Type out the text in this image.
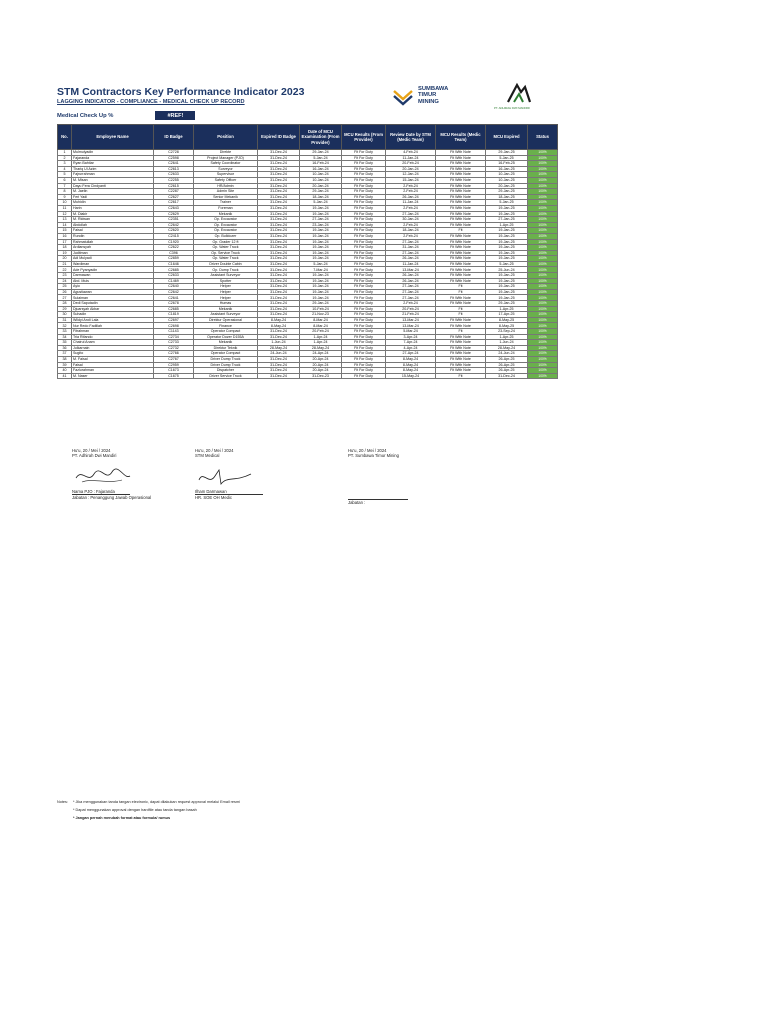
STM Contractors Key Performance Indicator 2023
LAGGING INDICATOR - COMPLIANCE - MEDICAL CHECK UP RECORD
Medical Check Up %	#REF!
SUMBAWA
TIMUR
MINING
PT. ADHIRAH DWI MANDIRI
No.	Employee Name	ID Badge	Position	Expired ID Badge	Date of MCU Examination (From Provider)	MCU Results (From Provider)	Review Date by STM (Medic Team)	MCU Results (Medic Team)	MCU Expired	Status
1	Mulmulyadin	C2728	Direkte	31-Dec-24	29-Jan-24	Fit For Duty	4-Feb-24	Fit With Note	29-Jan-25	100%
2	Fajaranda	C2598	Project Manager (PJO)	31-Dec-24	5-Jan-24	Fit For Duty	11-Jan-24	Fit With Note	5-Jan-25	100%
3	Ryan Bahtiar	C2641	Safety Coordinator	31-Dec-24	16-Feb-24	Fit For Duty	20-Feb-24	Fit With Note	16-Feb-25	100%
4	Thariq Ul Azim	C2613	Surveyor	31-Dec-24	16-Jan-24	Fit For Duty	20-Jan-24	Fit With Note	16-Jan-25	100%
5	Fajrurrahman	C2633	Supervisor	31-Dec-24	10-Jan-24	Fit For Duty	12-Jan-24	Fit With Note	10-Jan-25	100%
6	M. Misan	C2255	Safety Officer	31-Dec-24	10-Jan-24	Fit For Duty	15-Jan-24	Fit With Note	10-Jan-25	100%
7	Dayu Fera Cindyanti	C2615	HR/Admin	31-Dec-24	20-Jan-24	Fit For Duty	2-Feb-24	Fit With Note	20-Jan-25	100%
8	M. Jaelin	C2287	Admin Site	31-Dec-24	29-Jan-24	Fit For Duty	2-Feb-24	Fit With Note	29-Jan-25	100%
9	Feri Yadi	C2627	Senior Mekanik	31-Dec-24	18-Jan-24	Fit For Duty	26-Jan-24	Fit With Note	18-Jan-25	100%
10	Muhidin	C2617	Trainer	31-Dec-24	5-Jan-24	Fit For Duty	11-Jan-24	Fit With Note	5-Jan-25	100%
11	Harin	C2643	Foreman	31-Dec-24	19-Jan-24	Fit For Duty	2-Feb-24	Fit With Note	19-Jan-25	100%
12	M. Diakir	C2629	Mekanik	31-Dec-24	19-Jan-24	Fit For Duty	27-Jan-24	Fit With Note	19-Jan-25	100%
13	M. Ridwan	C2351	Op. Excavator	31-Dec-24	27-Jan-24	Fit For Duty	30-Jan-24	Fit With Note	27-Jan-25	100%
14	Abdollah	C2642	Op. Excavator	31-Dec-24	23-Jan-24	Fit For Duty	2-Feb-24	Fit With Note	1-Apr-25	100%
15	Faisal	C2620	Op. Excavator	31-Dec-24	19-Jan-24	Fit For Duty	18-Jan-24	Fit	19-Jan-25	100%
16	Rundin	C2415	Op. Bulldozer	31-Dec-24	19-Jan-24	Fit For Duty	2-Feb-24	Fit With Note	19-Jan-25	100%
17	Rahmatullah	C1920	Op. Grader 12 ft	31-Dec-24	19-Jan-24	Fit For Duty	27-Jan-24	Fit With Note	19-Jan-25	100%
18	Ardiansyah	C2622	Op. Water Truck	31-Dec-24	19-Jan-24	Fit For Duty	31-Jan-24	Fit With Note	19-Jan-25	100%
19	Juditman	C396	Op. Service Truck	31-Dec-24	19-Jan-24	Fit For Duty	27-Jan-24	Fit With Note	19-Jan-25	100%
20	Adi Mulyadi	C2859	Op. Water Truck	31-Dec-24	19-Jan-24	Fit For Duty	26-Jan-24	Fit With Note	19-Jan-25	100%
21	Wardiman	C1646	Driver Double Cabin	31-Dec-24	5-Jan-24	Fit For Duty	11-Jan-24	Fit With Note	5-Jan-25	100%
22	Ade Pyanyadin	C2685	Op. Dump Truck	31-Dec-24	7-Mar-24	Fit For Duty	13-Mar-24	Fit With Note	25-Jun-24	100%
23	Darmawan	C2633	Assistant Surveyor	31-Dec-24	19-Jan-24	Fit For Duty	26-Jan-24	Fit With Note	19-Jan-25	100%
24	Abd. Muis	C1469	Spotter	31-Dec-24	19-Jan-24	Fit For Duty	26-Jan-24	Fit With Note	19-Jan-25	100%
25	Ayio	C2640	Helper	31-Dec-24	19-Jan-24	Fit For Duty	27-Jan-24	Fit	19-Jan-25	100%
26	Agustiawan	C2642	Helper	31-Dec-24	19-Jan-24	Fit For Duty	27-Jan-24	Fit	19-Jan-25	100%
27	Sulaiman	C2641	Helper	31-Dec-24	19-Jan-24	Fit For Duty	27-Jan-24	Fit With Note	19-Jan-25	100%
28	Dedi Saputadin	C2678	Humas	31-Dec-24	29-Jan-24	Fit For Duty	2-Feb-24	Fit With Note	29-Jan-25	100%
29	Djuarsyah Akbar	C2685	Mekanik	31-Dec-24	10-Feb-24	Fit For Duty	20-Feb-24	Fit	1-Apr-25	100%
30	Suhadin	C1819	Assistant Surveyor	31-Dec-24	21-Nov-23	Fit For Duty	21-Feb-24	Fit	17-Apr-25	100%
31	Wildyi Andi Lala	C2697	Direktur Operasional	8-May-24	8-Mar-24	Fit For Duty	13-Mar-24	Fit With Note	8-May-25	100%
32	Nur Redo Fadillah	C2698	Finance	8-May-24	8-Mar-24	Fit For Duty	13-Mar-24	Fit With Note	8-May-25	100%
33	Fitrahman	C1143	Operator Compact	31-Dec-24	20-Feb-24	Fit For Duty	5-Mar-24	Fit	23-Sep-24	100%
34	Tria Rifando	C2734	Operator Dozer D155A	31-Dec-24	1-Apr-24	Fit For Duty	3-Apr-24	Fit With Note	1-Apr-25	100%
35	Chairul Anam	C2733	Mekanik	1-Jun-24	1-Apr-24	Fit For Duty	7-Apr-24	Fit With Note	1-Jun-24	100%
36	Julkarnain	C2732	Direktur Teknik	28-May-24	28-May-24	Fit For Duty	4-Apr-24	Fit With Note	28-May-24	100%
37	Sugito	C2766	Operator Compact	24-Jun-24	24-Apr-24	Fit For Duty	27-Apr-24	Fit With Note	24-Jun-24	100%
38	M. Faisal	C2767	Driver Dump Truck	31-Dec-24	20-Apr-24	Fit For Duty	8-May-24	Fit With Note	26-Apr-25	100%
39	Faisal	C2959	Driver Dump Truck	31-Dec-24	20-Apr-24	Fit For Duty	8-May-24	Fit With Note	26-Apr-25	100%
40	Fazlurahman	C1673	Dispatcher	31-Dec-24	20-Apr-24	Fit For Duty	8-May-24	Fit With Note	26-Apr-25	100%
41	M. Naser	C1675	Driver Service Truck	31-Dec-24	31-Dec-23	Fit For Duty	15-May-24	Fit	31-Dec-24	100%
Hu'u, 20 / Mei / 2024
PT. Adhirah Dwi Mandiri
Nama PJO : Fajaranda
Jabatan : Penanggung Jawab Operasional
Hu'u, 20 / Mei / 2024
STM Medical
Ilham Darmawan
HR. SOE OH Medic
Hu'u, 20 / Mei / 2024
PT. Sumbawa Timur Mining
Jabatan :
Notes:	* Jika menggunakan tanda tangan electronic, dapat dilakukan request approval melalui Email resmi
* Dapat menggunakan approval dengan hardfile atau tanda tangan basah
* Jangan pernah merubah format atau formula/ rumus
